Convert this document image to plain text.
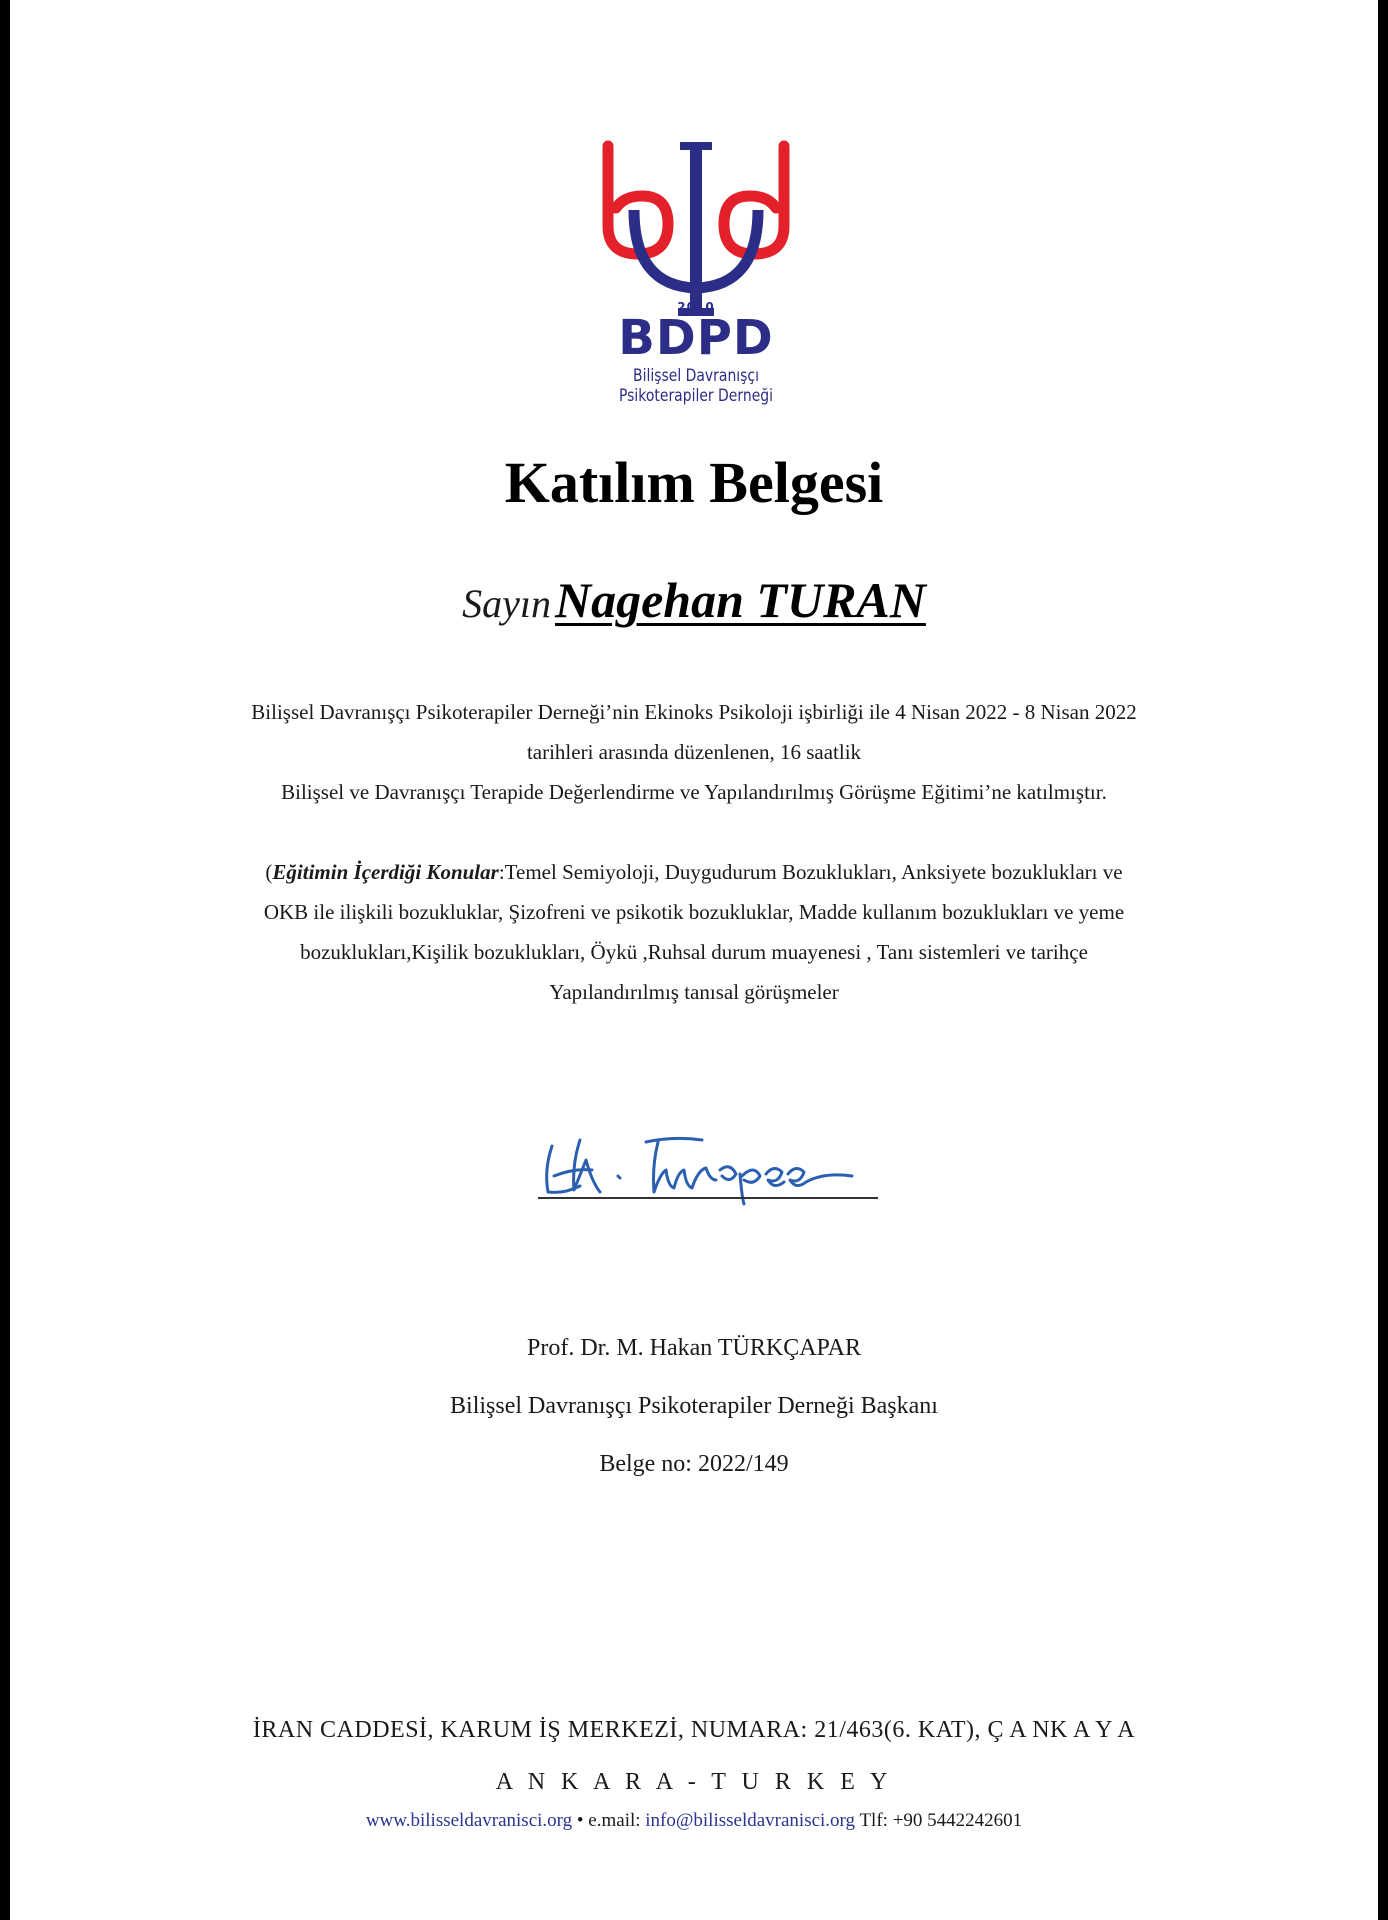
2010
BDPD
Bilişsel Davranışçı
Psikoterapiler Derneği
Katılım Belgesi
Sayın Nagehan TURAN

Bilişsel Davranışçı Psikoterapiler Derneği’nin Ekinoks Psikoloji işbirliği ile 4 Nisan 2022 - 8 Nisan 2022

tarihleri arasında düzenlenen, 16 saatlik

Bilişsel ve Davranışçı Terapide Değerlendirme ve Yapılandırılmış Görüşme Eğitimi’ne katılmıştır.

(Eğitimin İçerdiği Konular:Temel Semiyoloji, Duygudurum Bozuklukları, Anksiyete bozuklukları ve

OKB ile ilişkili bozukluklar, Şizofreni ve psikotik bozukluklar, Madde kullanım bozuklukları ve yeme

bozuklukları,Kişilik bozuklukları, Öykü ,Ruhsal durum muayenesi , Tanı sistemleri ve tarihçe

Yapılandırılmış tanısal görüşmeler

Prof. Dr. M. Hakan TÜRKÇAPAR
Bilişsel Davranışçı Psikoterapiler Derneği Başkanı
Belge no: 2022/149
İRAN CADDESİ, KARUM İŞ MERKEZİ, NUMARA: 21/463(6. KAT), Ç A NK A Y A
A N K A R A - T U R K E Y
www.bilisseldavranisci.org • e.mail: info@bilisseldavranisci.org Tlf: +90 5442242601
